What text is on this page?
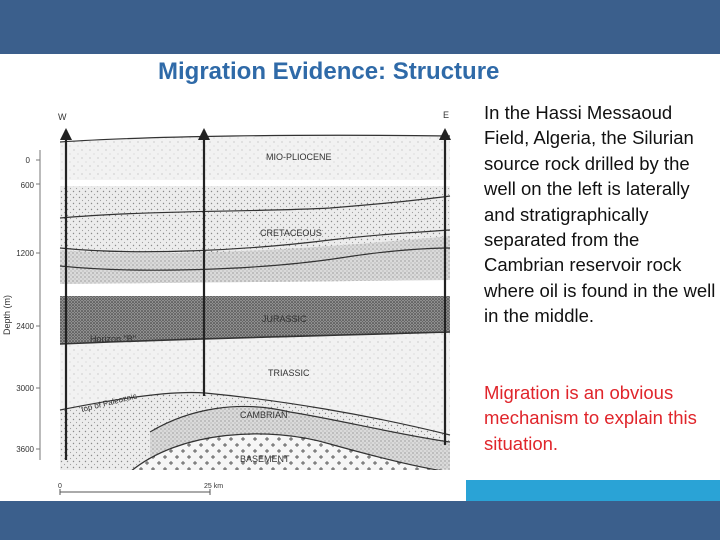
Migration Evidence: Structure
W	E
Depth (m)
0
600
1200
2400
3000
3600
MIO-PLIOCENE
CRETACEOUS
JURASSIC
Horizon "B"
TRIASSIC
top of Paleozoic
CAMBRIAN
BASEMENT
0	25 km
In the Hassi Messaoud Field, Algeria, the Silurian source rock drilled by the well on the left is laterally and stratigraphically separated from the Cambrian reservoir rock where oil is found in the well in the middle.
Migration is an obvious mechanism to explain this situation.
